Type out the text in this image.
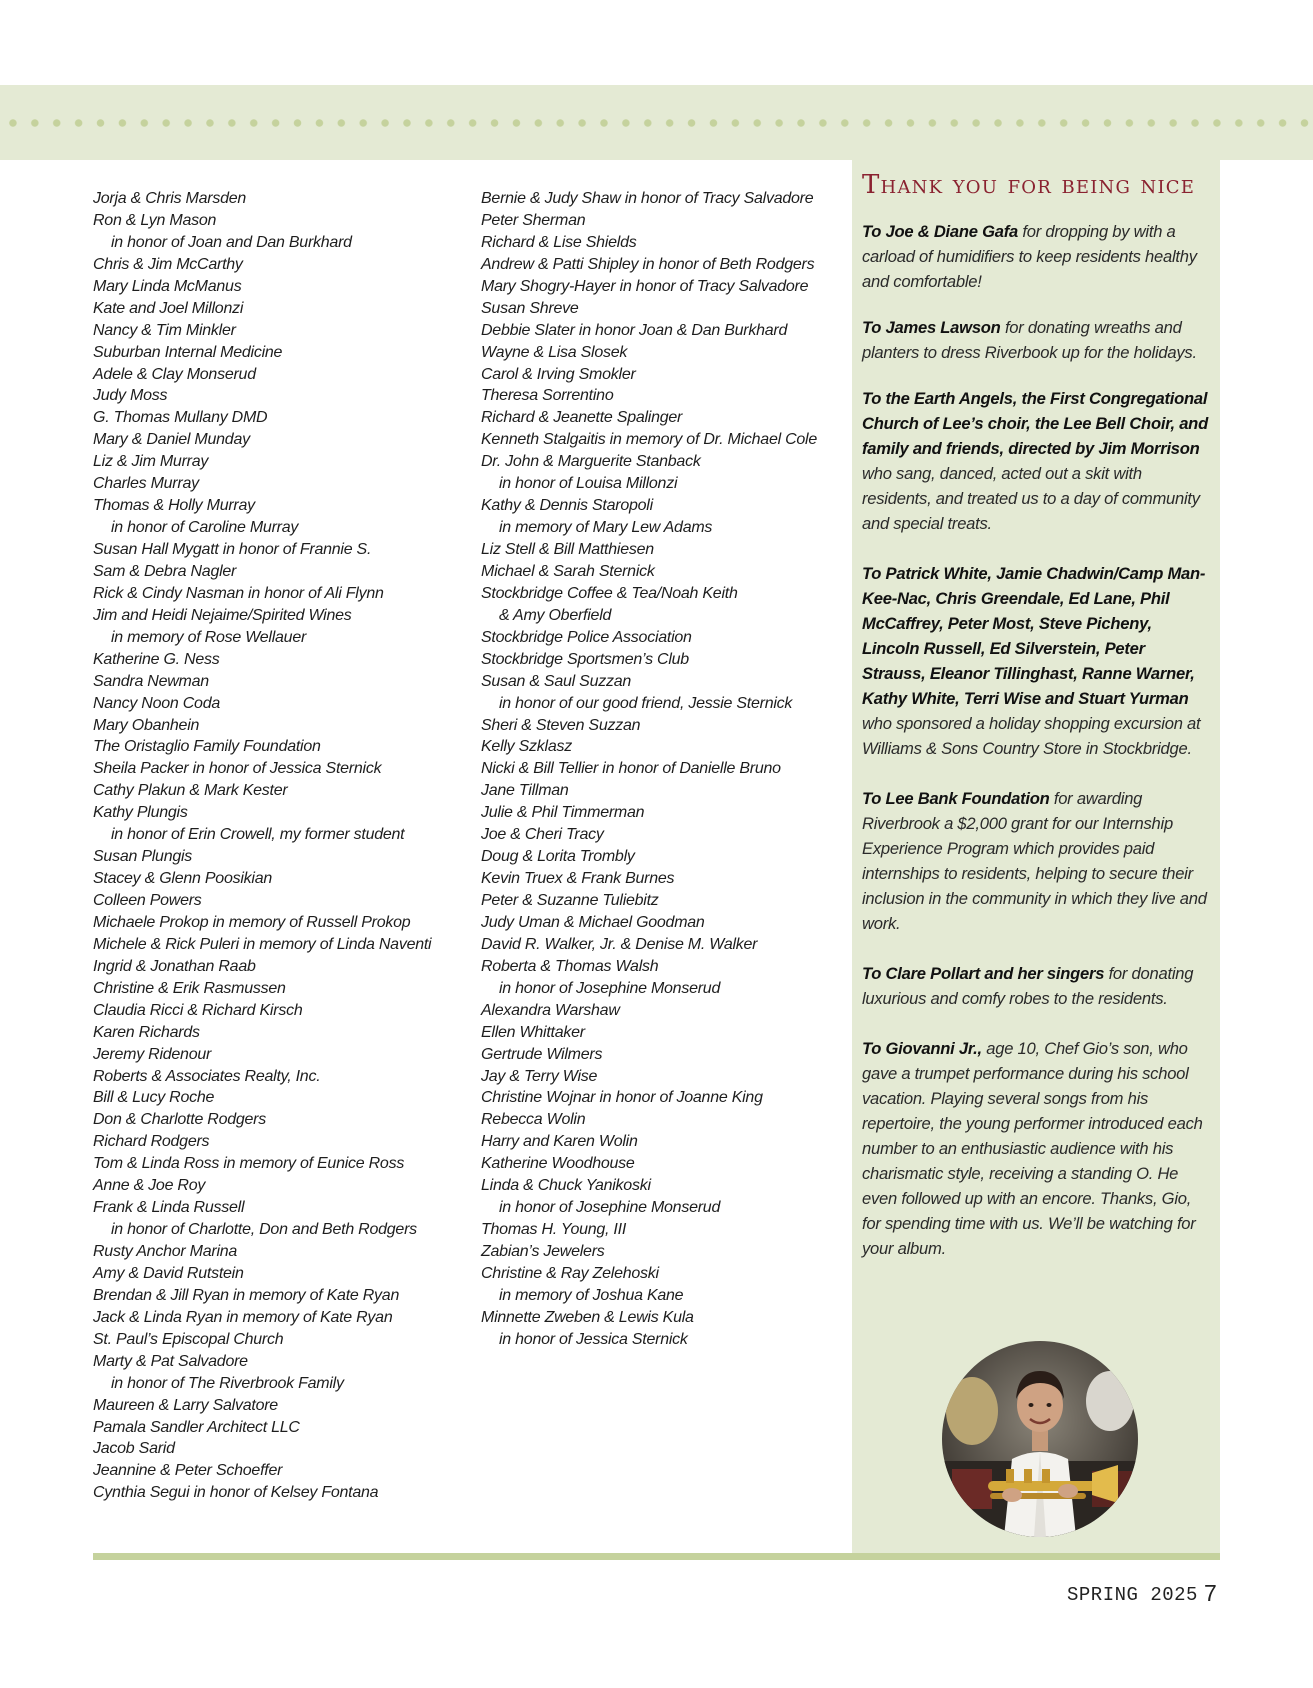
Jorja & Chris Marsden
Ron & Lyn Mason
in honor of Joan and Dan Burkhard
Chris & Jim McCarthy
Mary Linda McManus
Kate and Joel Millonzi
Nancy & Tim Minkler
Suburban Internal Medicine
Adele & Clay Monserud
Judy Moss
G. Thomas Mullany DMD
Mary & Daniel Munday
Liz & Jim Murray
Charles Murray
Thomas & Holly Murray
in honor of Caroline Murray
Susan Hall Mygatt in honor of Frannie S.
Sam & Debra Nagler
Rick & Cindy Nasman in honor of Ali Flynn
Jim and Heidi Nejaime/Spirited Wines
in memory of Rose Wellauer
Katherine G. Ness
Sandra Newman
Nancy Noon Coda
Mary Obanhein
The Oristaglio Family Foundation
Sheila Packer in honor of Jessica Sternick
Cathy Plakun & Mark Kester
Kathy Plungis
in honor of Erin Crowell, my former student
Susan Plungis
Stacey & Glenn Poosikian
Colleen Powers
Michaele Prokop in memory of Russell Prokop
Michele & Rick Puleri in memory of Linda Naventi
Ingrid & Jonathan Raab
Christine & Erik Rasmussen
Claudia Ricci & Richard Kirsch
Karen Richards
Jeremy Ridenour
Roberts & Associates Realty, Inc.
Bill & Lucy Roche
Don & Charlotte Rodgers
Richard Rodgers
Tom & Linda Ross in memory of Eunice Ross
Anne & Joe Roy
Frank & Linda Russell
in honor of Charlotte, Don and Beth Rodgers
Rusty Anchor Marina
Amy & David Rutstein
Brendan & Jill Ryan in memory of Kate Ryan
Jack & Linda Ryan in memory of Kate Ryan
St. Paul’s Episcopal Church
Marty & Pat Salvadore
in honor of The Riverbrook Family
Maureen & Larry Salvatore
Pamala Sandler Architect LLC
Jacob Sarid
Jeannine & Peter Schoeffer
Cynthia Segui in honor of Kelsey Fontana
Bernie & Judy Shaw in honor of Tracy Salvadore
Peter Sherman
Richard & Lise Shields
Andrew & Patti Shipley in honor of Beth Rodgers
Mary Shogry-Hayer in honor of Tracy Salvadore
Susan Shreve
Debbie Slater in honor Joan & Dan Burkhard
Wayne & Lisa Slosek
Carol & Irving Smokler
Theresa Sorrentino
Richard & Jeanette Spalinger
Kenneth Stalgaitis in memory of Dr. Michael Cole
Dr. John & Marguerite Stanback
in honor of Louisa Millonzi
Kathy & Dennis Staropoli
in memory of Mary Lew Adams
Liz Stell & Bill Matthiesen
Michael & Sarah Sternick
Stockbridge Coffee & Tea/Noah Keith
& Amy Oberfield
Stockbridge Police Association
Stockbridge Sportsmen’s Club
Susan & Saul Suzzan
in honor of our good friend, Jessie Sternick
Sheri & Steven Suzzan
Kelly Szklasz
Nicki & Bill Tellier in honor of Danielle Bruno
Jane Tillman
Julie & Phil Timmerman
Joe & Cheri Tracy
Doug & Lorita Trombly
Kevin Truex & Frank Burnes
Peter & Suzanne Tuliebitz
Judy Uman & Michael Goodman
David R. Walker, Jr. & Denise M. Walker
Roberta & Thomas Walsh
in honor of Josephine Monserud
Alexandra Warshaw
Ellen Whittaker
Gertrude Wilmers
Jay & Terry Wise
Christine Wojnar in honor of Joanne King
Rebecca Wolin
Harry and Karen Wolin
Katherine Woodhouse
Linda & Chuck Yanikoski
in honor of Josephine Monserud
Thomas H. Young, III
Zabian’s Jewelers
Christine & Ray Zelehoski
in memory of Joshua Kane
Minnette Zweben & Lewis Kula
in honor of Jessica Sternick
Thank you for being nice

To Joe & Diane Gafa for dropping by with a carload of humidifiers to keep residents healthy and comfortable!

To James Lawson for donating wreaths and planters to dress Riverbook up for the holidays.

To the Earth Angels, the First Congregational Church of Lee’s choir, the Lee Bell Choir, and family and friends, directed by Jim Morrison who sang, danced, acted out a skit with residents, and treated us to a day of community and special treats.

To Patrick White, Jamie Chadwin/Camp Man-Kee-Nac, Chris Greendale, Ed Lane, Phil McCaffrey, Peter Most, Steve Picheny, Lincoln Russell, Ed Silverstein, Peter Strauss, Eleanor Tillinghast, Ranne Warner, Kathy White, Terri Wise and Stuart Yurman who sponsored a holiday shopping excursion at Williams & Sons Country Store in Stockbridge.

To Lee Bank Foundation for awarding Riverbrook a $2,000 grant for our Internship Experience Program which provides paid internships to residents, helping to secure their inclusion in the community in which they live and work.

To Clare Pollart and her singers for donating luxurious and comfy robes to the residents.

To Giovanni Jr., age 10, Chef Gio’s son, who gave a trumpet performance during his school vacation. Playing several songs from his repertoire, the young performer introduced each number to an enthusiastic audience with his charismatic style, receiving a standing O. He even followed up with an encore. Thanks, Gio, for spending time with us. We’ll be watching for your album.

SPRING 2025 7
